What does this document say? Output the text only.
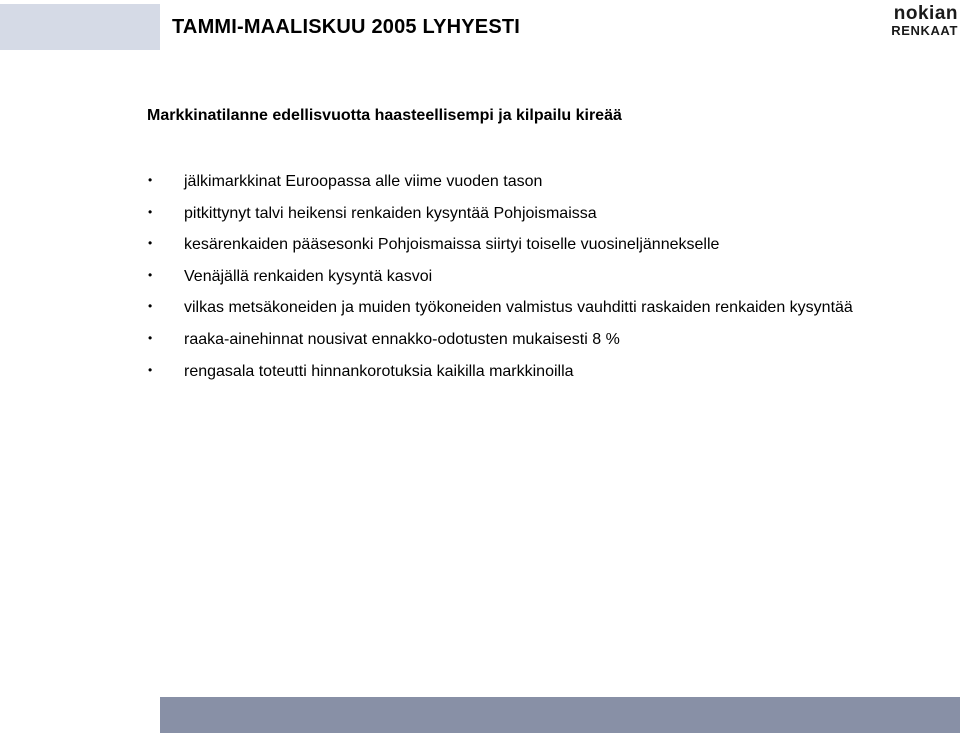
TAMMI-MAALISKUU 2005 LYHYESTI
nokian
RENKAAT
Markkinatilanne edellisvuotta haasteellisempi ja kilpailu kireää
• jälkimarkkinat Euroopassa alle viime vuoden tason
• pitkittynyt talvi heikensi renkaiden kysyntää Pohjoismaissa
• kesärenkaiden pääsesonki Pohjoismaissa siirtyi toiselle vuosineljännekselle
• Venäjällä renkaiden kysyntä kasvoi
• vilkas metsäkoneiden ja muiden työkoneiden valmistus vauhditti raskaiden renkaiden kysyntää
• raaka-ainehinnat nousivat ennakko-odotusten mukaisesti 8 %
• rengasala toteutti hinnankorotuksia kaikilla markkinoilla
